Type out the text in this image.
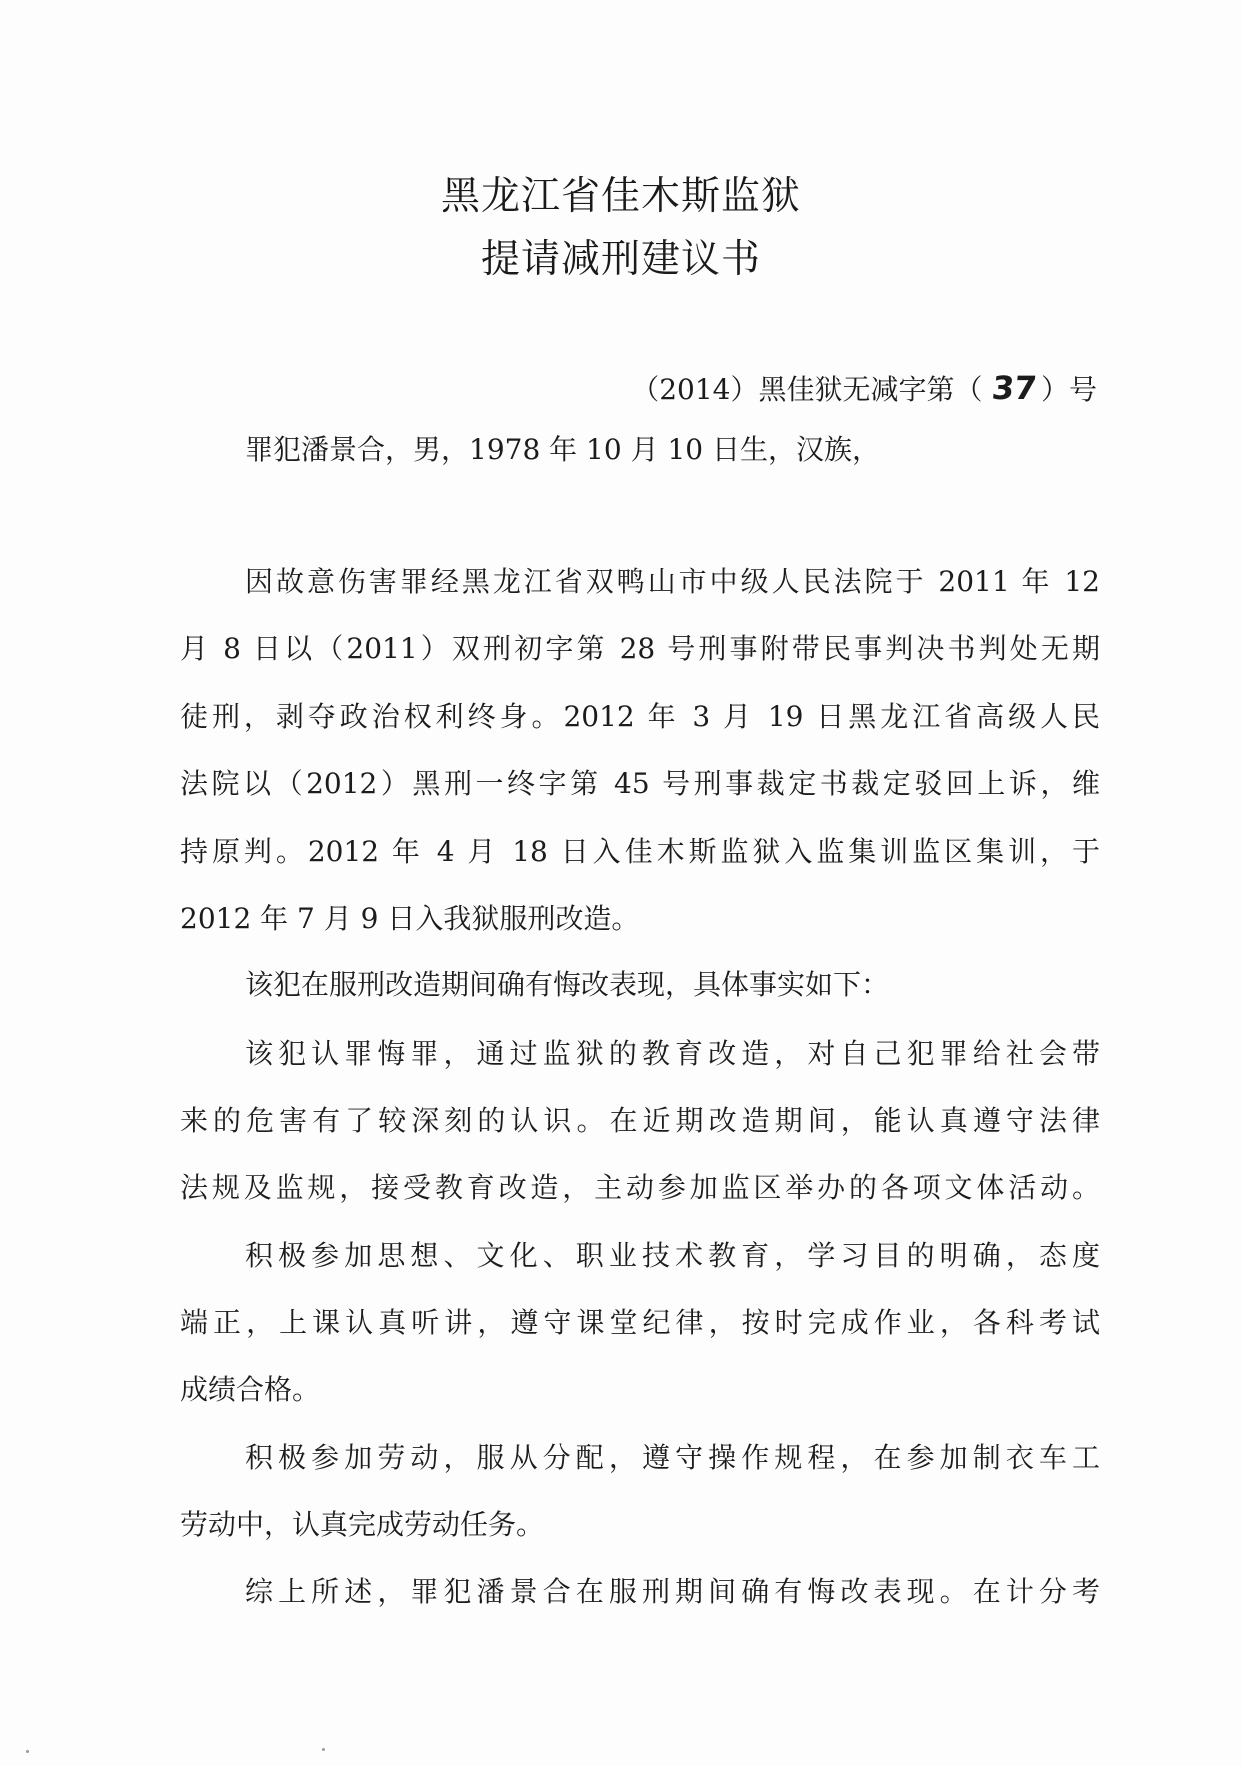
黑龙江省佳木斯监狱
提请减刑建议书
（2014）黑佳狱无减字第（ 37）号
罪犯潘景合，男，1978 年 10 月 10 日生，汉族，
因故意伤害罪经黑龙江省双鸭山市中级人民法院于 2011 年 12
月 8 日以（2011）双刑初字第 28 号刑事附带民事判决书判处无期
徒刑，剥夺政治权利终身。2012 年 3 月 19 日黑龙江省高级人民
法院以（2012）黑刑一终字第 45 号刑事裁定书裁定驳回上诉，维
持原判。2012 年 4 月 18 日入佳木斯监狱入监集训监区集训，于
2012 年 7 月 9 日入我狱服刑改造。
该犯在服刑改造期间确有悔改表现，具体事实如下：
该犯认罪悔罪，通过监狱的教育改造，对自己犯罪给社会带
来的危害有了较深刻的认识。在近期改造期间，能认真遵守法律
法规及监规，接受教育改造，主动参加监区举办的各项文体活动。
积极参加思想、文化、职业技术教育，学习目的明确，态度
端正，上课认真听讲，遵守课堂纪律，按时完成作业，各科考试
成绩合格。
积极参加劳动，服从分配，遵守操作规程，在参加制衣车工
劳动中，认真完成劳动任务。
综上所述，罪犯潘景合在服刑期间确有悔改表现。在计分考
